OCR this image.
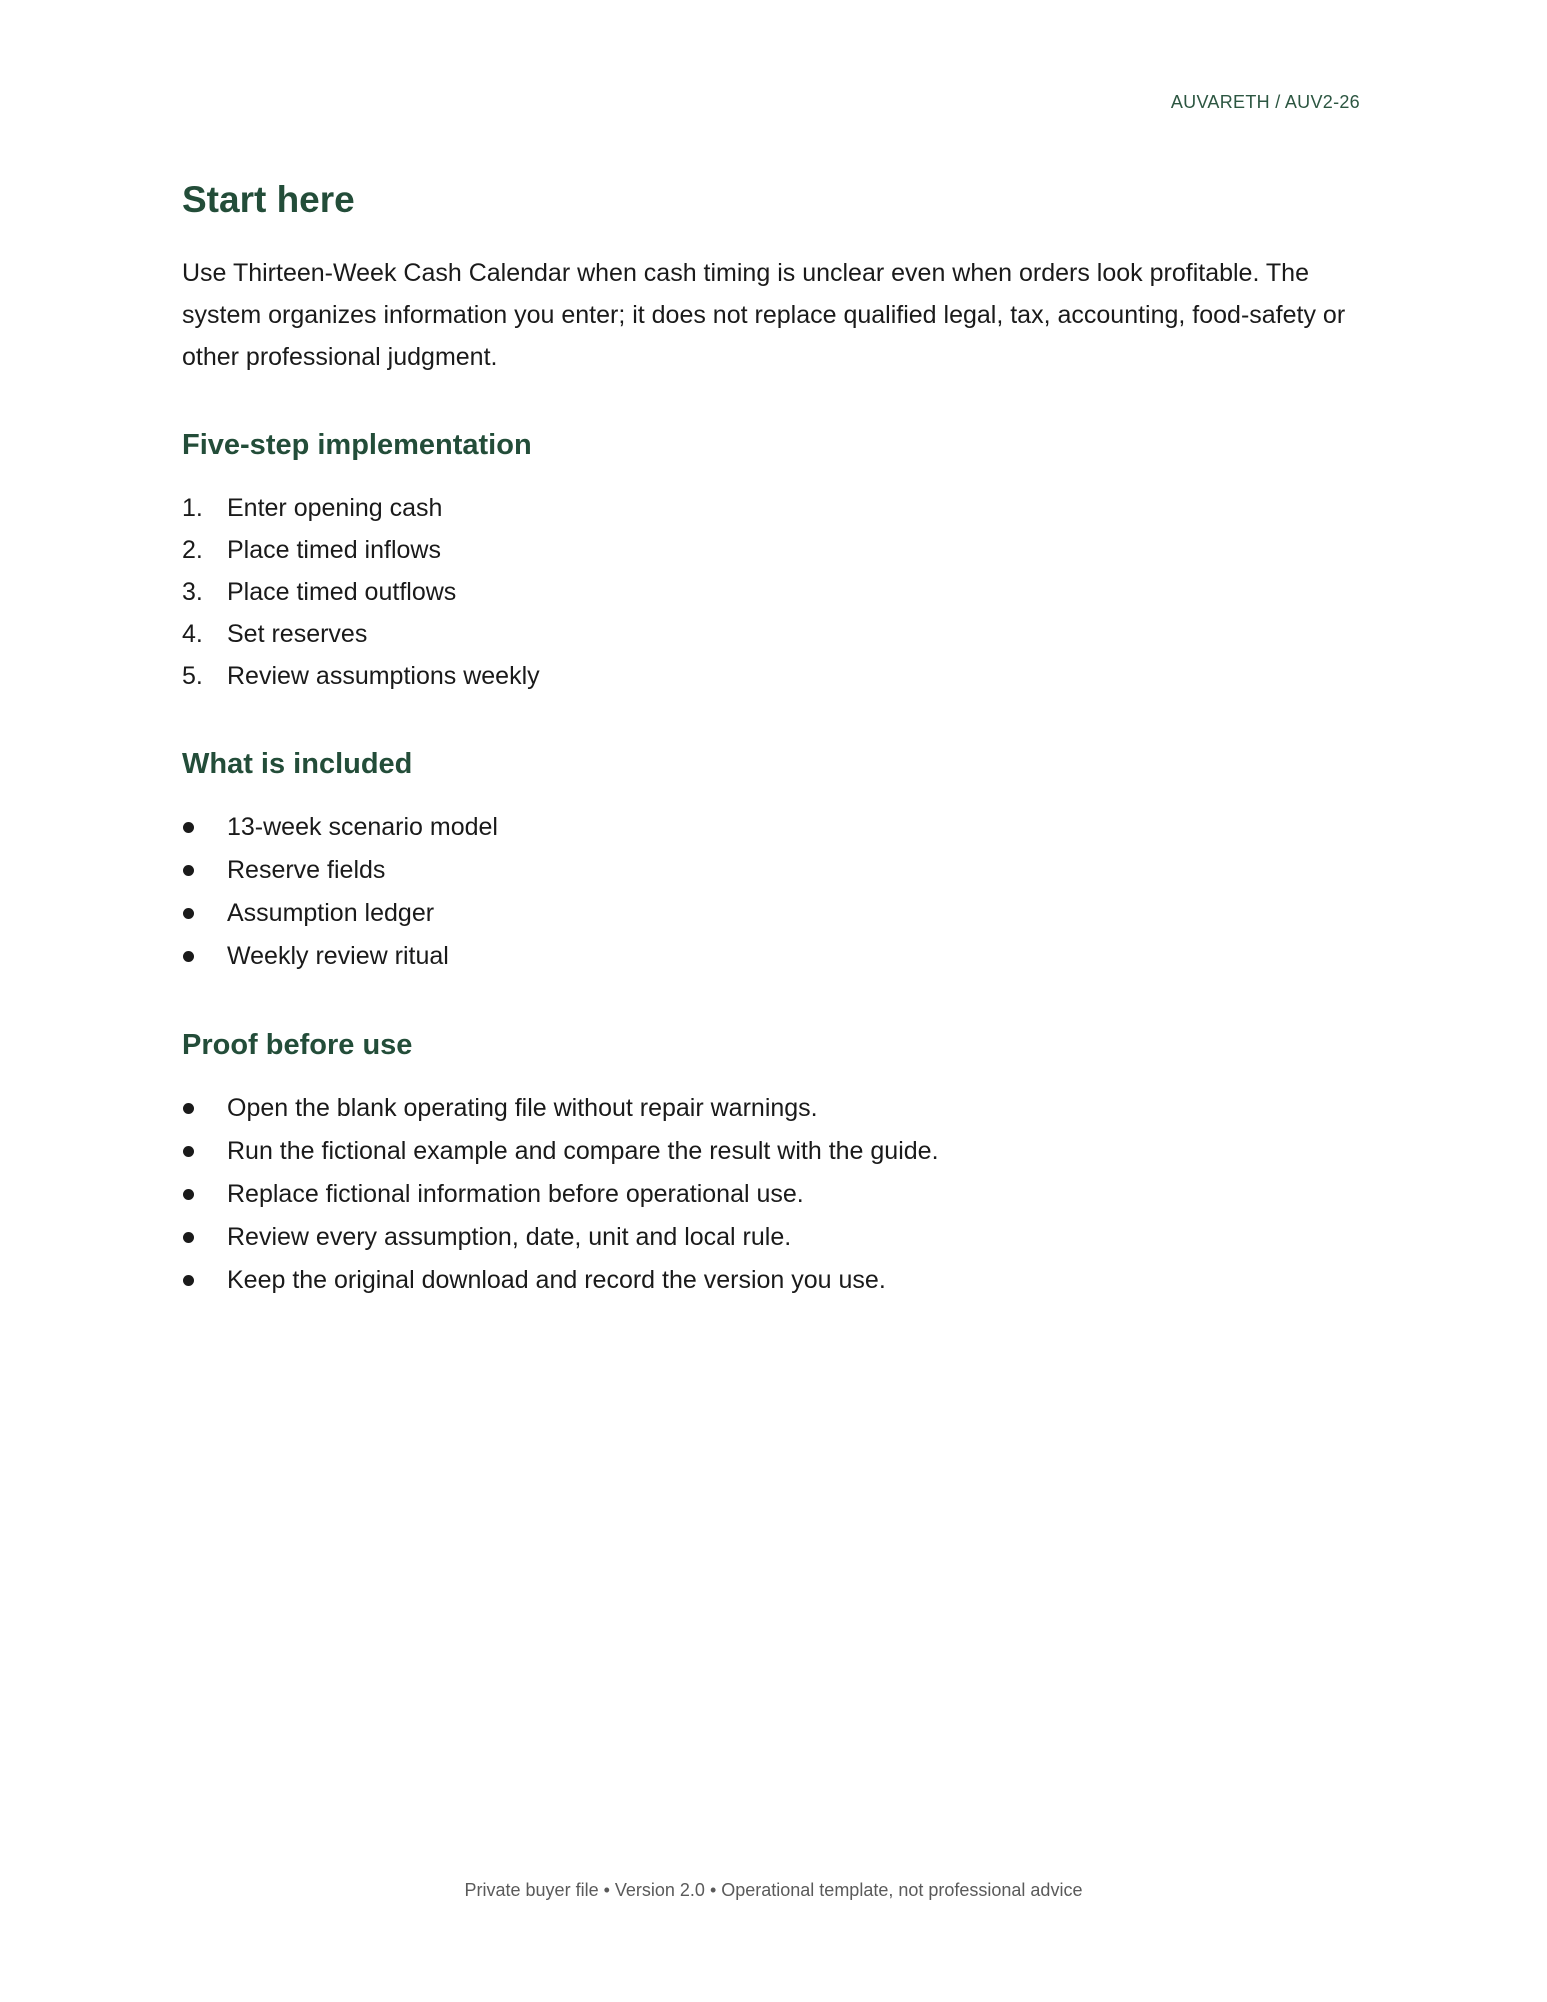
AUVARETH / AUV2-26
Start here

Use Thirteen-Week Cash Calendar when cash timing is unclear even when orders look profitable. The system organizes information you enter; it does not replace qualified legal, tax, accounting, food-safety or other professional judgment.

Five-step implementation
1. Enter opening cash
2. Place timed inflows
3. Place timed outflows
4. Set reserves
5. Review assumptions weekly
What is included
13-week scenario model
Reserve fields
Assumption ledger
Weekly review ritual
Proof before use
Open the blank operating file without repair warnings.
Run the fictional example and compare the result with the guide.
Replace fictional information before operational use.
Review every assumption, date, unit and local rule.
Keep the original download and record the version you use.
Private buyer file • Version 2.0 • Operational template, not professional advice
